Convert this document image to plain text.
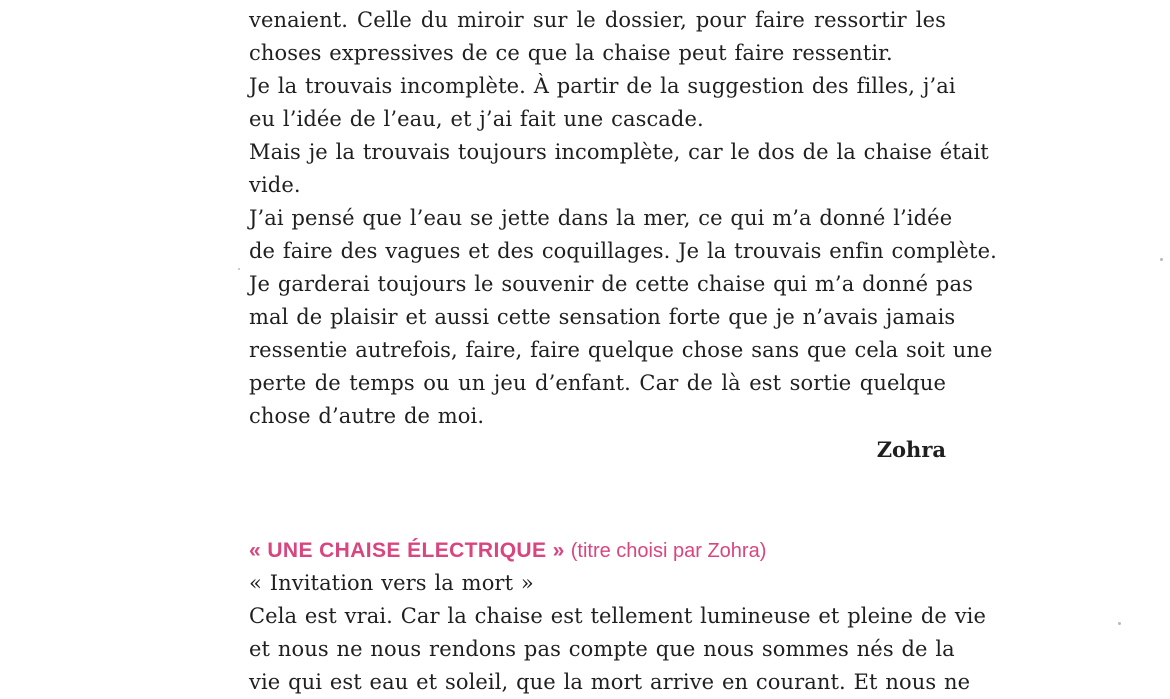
venaient. Celle du miroir sur le dossier, pour faire ressortir les
choses expressives de ce que la chaise peut faire ressentir.
Je la trouvais incomplète. À partir de la suggestion des filles, j’ai
eu l’idée de l’eau, et j’ai fait une cascade.
Mais je la trouvais toujours incomplète, car le dos de la chaise était
vide.
J’ai pensé que l’eau se jette dans la mer, ce qui m’a donné l’idée
de faire des vagues et des coquillages. Je la trouvais enfin complète.
Je garderai toujours le souvenir de cette chaise qui m’a donné pas
mal de plaisir et aussi cette sensation forte que je n’avais jamais
ressentie autrefois, faire, faire quelque chose sans que cela soit une
perte de temps ou un jeu d’enfant. Car de là est sortie quelque
chose d’autre de moi.
Zohra
« UNE CHAISE ÉLECTRIQUE » (titre choisi par Zohra)
« Invitation vers la mort »
Cela est vrai. Car la chaise est tellement lumineuse et pleine de vie
et nous ne nous rendons pas compte que nous sommes nés de la
vie qui est eau et soleil, que la mort arrive en courant. Et nous ne
